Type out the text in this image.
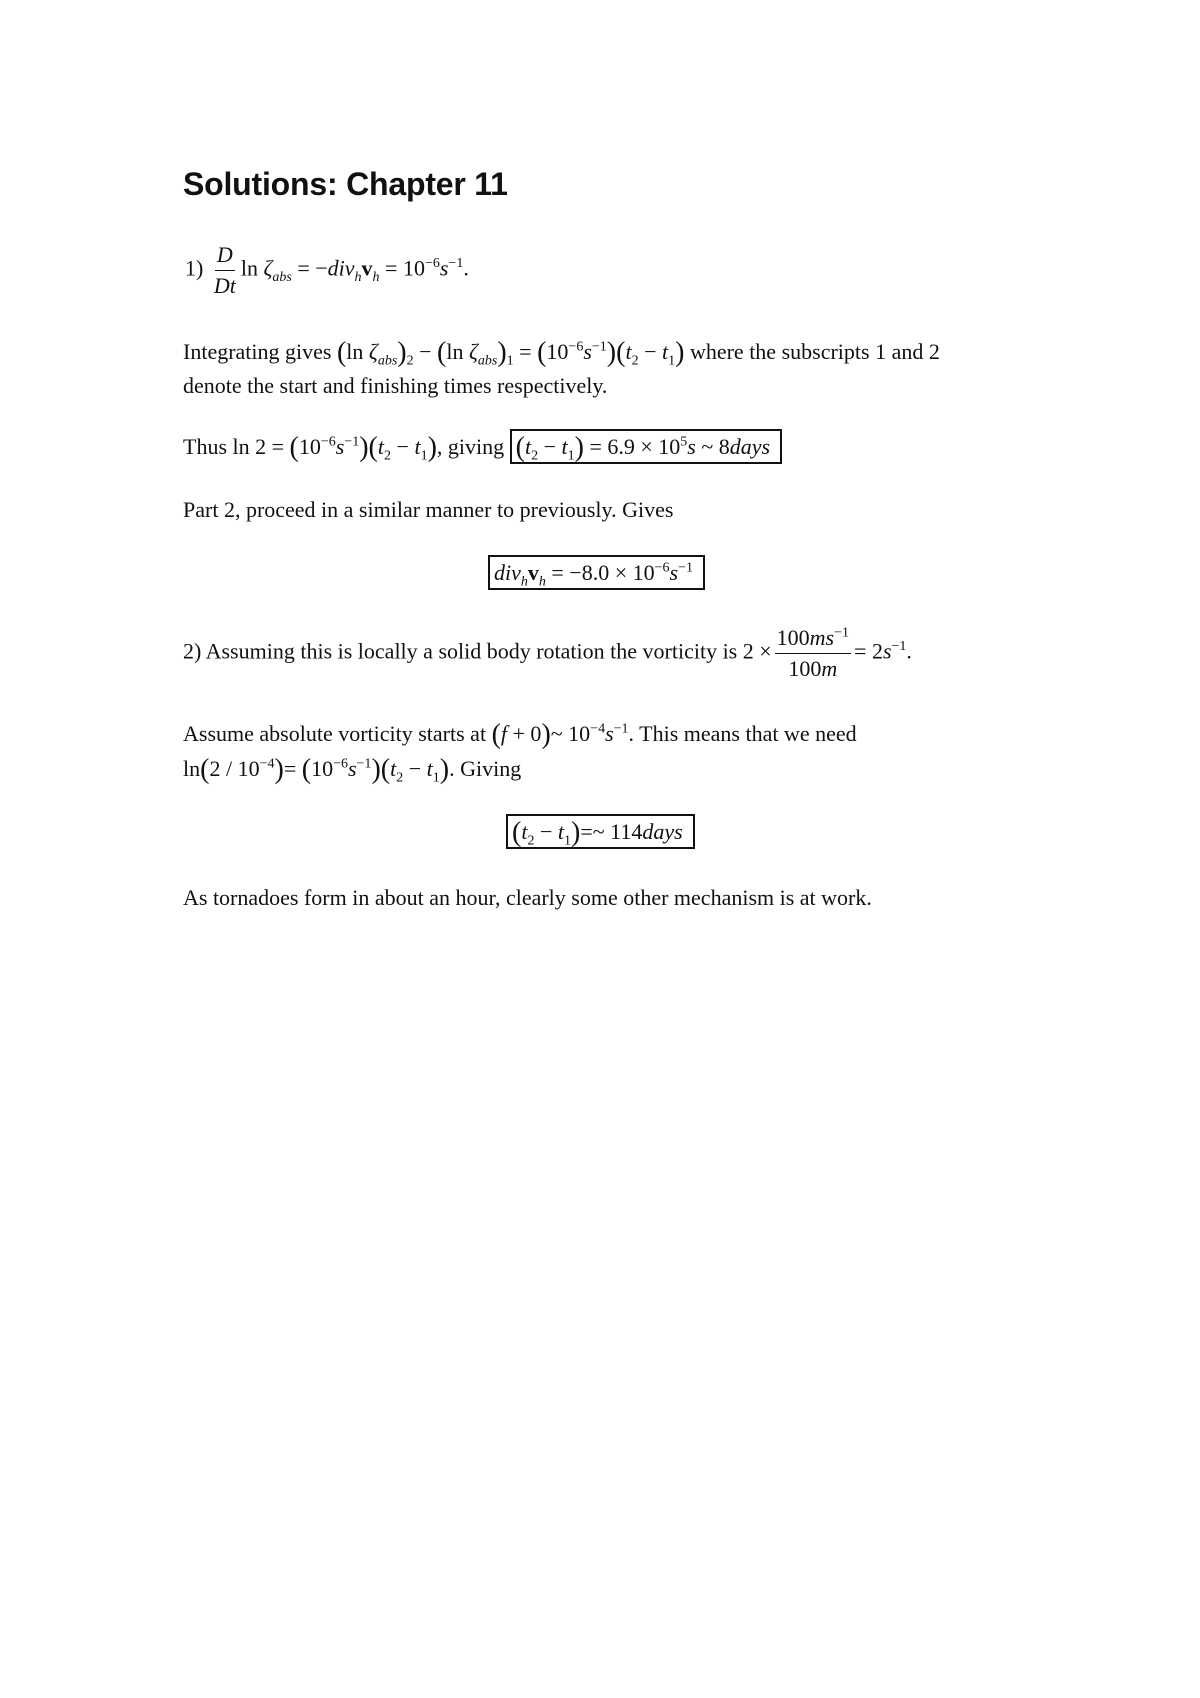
Solutions: Chapter 11
$1) \frac{D}{Dt}$ $\ln \zeta_{abs} = -div_hv_h = 10^{-6}s^{-1}$.
Integrating gives (ln $\zeta_{abs})_2 - (\ln$ $\zeta_{abs})_1 = (10^{-6}s^{-1})(t_2 - t_1)$ where the subscripts 1 and 2
denote the start and finishing times respectively.
Thus $\ln 2 = (10^{-6}s^{-1})(t_2 - t_1)$, giving $(t_2 - t_1) = 6.9 \times 10^5s$ ~ 8days
Part 2, proceed in a similar manner to previously. Gives
$div_hv_h = -8.0 \times 10^{-6}s^{-1}$
2) Assuming this is locally a solid body rotation the vorticity is $2 \times \frac{100ms^{-1}}{100m} = 2s^{-1}$.
Assume absolute vorticity starts at (f + 0)~ $10^{-4}s^{-1}$. This means that we need
$\ln(2 / 10^{-4})= (10^{-6}s^{-1})(t_2 - t_1)$. Giving
($t_2$ − $t_1)=\sim$ 114days
As tornadoes form in about an hour, clearly some other mechanism is at work.
